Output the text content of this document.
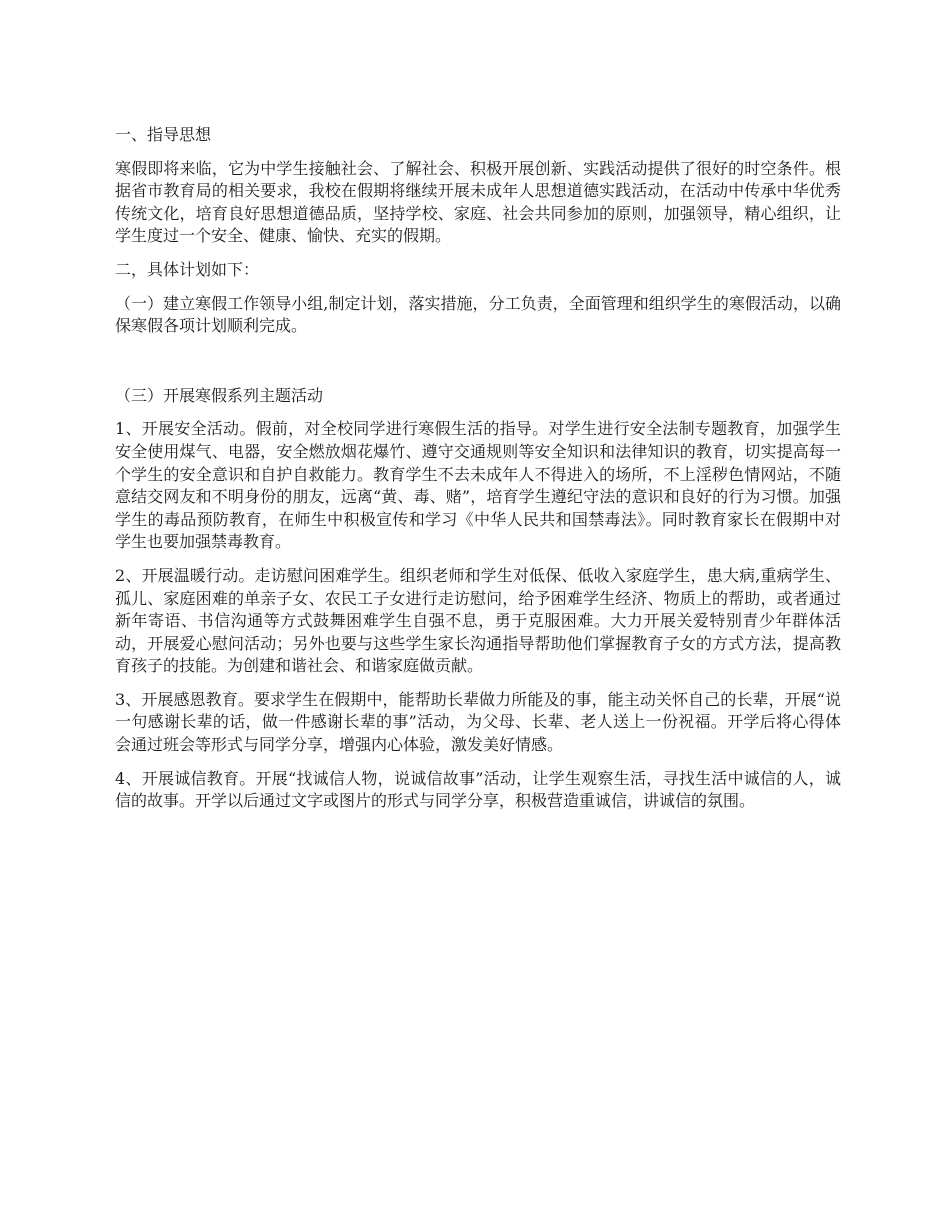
一、指导思想

寒假即将来临，它为中学生接触社会、了解社会、积极开展创新、实践活动提供了很好的时空条件。根据省市教育局的相关要求，我校在假期将继续开展未成年人思想道德实践活动，在活动中传承中华优秀传统文化，培育良好思想道德品质，坚持学校、家庭、社会共同参加的原则，加强领导，精心组织，让学生度过一个安全、健康、愉快、充实的假期。

二，具体计划如下：

（一）建立寒假工作领导小组,制定计划，落实措施，分工负责，全面管理和组织学生的寒假活动，以确保寒假各项计划顺利完成。

（三）开展寒假系列主题活动

1、开展安全活动。假前，对全校同学进行寒假生活的指导。对学生进行安全法制专题教育，加强学生安全使用煤气、电器，安全燃放烟花爆竹、遵守交通规则等安全知识和法律知识的教育，切实提高每一个学生的安全意识和自护自救能力。教育学生不去未成年人不得进入的场所，不上淫秽色情网站，不随意结交网友和不明身份的朋友，远离“黄、毒、赌”，培育学生遵纪守法的意识和良好的行为习惯。加强学生的毒品预防教育，在师生中积极宣传和学习《中华人民共和国禁毒法》。同时教育家长在假期中对学生也要加强禁毒教育。

2、开展温暖行动。走访慰问困难学生。组织老师和学生对低保、低收入家庭学生，患大病,重病学生、孤儿、家庭困难的单亲子女、农民工子女进行走访慰问，给予困难学生经济、物质上的帮助，或者通过新年寄语、书信沟通等方式鼓舞困难学生自强不息，勇于克服困难。大力开展关爱特别青少年群体活动，开展爱心慰问活动；另外也要与这些学生家长沟通指导帮助他们掌握教育子女的方式方法，提高教育孩子的技能。为创建和谐社会、和谐家庭做贡献。

3、开展感恩教育。要求学生在假期中，能帮助长辈做力所能及的事，能主动关怀自己的长辈，开展“说一句感谢长辈的话，做一件感谢长辈的事”活动，为父母、长辈、老人送上一份祝福。开学后将心得体会通过班会等形式与同学分享，增强内心体验，激发美好情感。

4、开展诚信教育。开展“找诚信人物，说诚信故事”活动，让学生观察生活，寻找生活中诚信的人，诚信的故事。开学以后通过文字或图片的形式与同学分享，积极营造重诚信，讲诚信的氛围。
